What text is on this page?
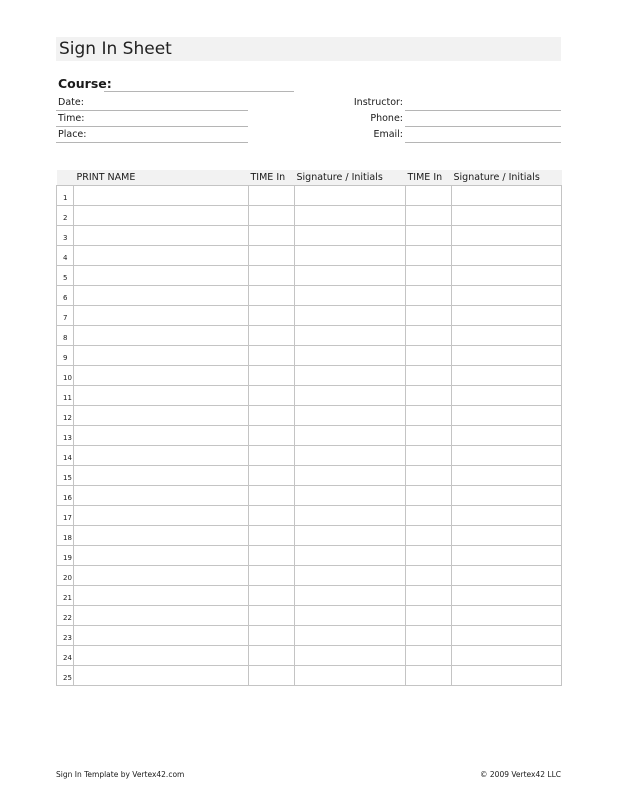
Sign In Sheet
Course:
Date:
Time:
Place:
Instructor:
Phone:
Email:
	PRINT NAME	TIME In	Signature / Initials	TIME In	Signature / Initials
1					
2					
3					
4					
5					
6					
7					
8					
9					
10					
11					
12					
13					
14					
15					
16					
17					
18					
19					
20					
21					
22					
23					
24					
25					
Sign In Template by Vertex42.com	© 2009 Vertex42 LLC
